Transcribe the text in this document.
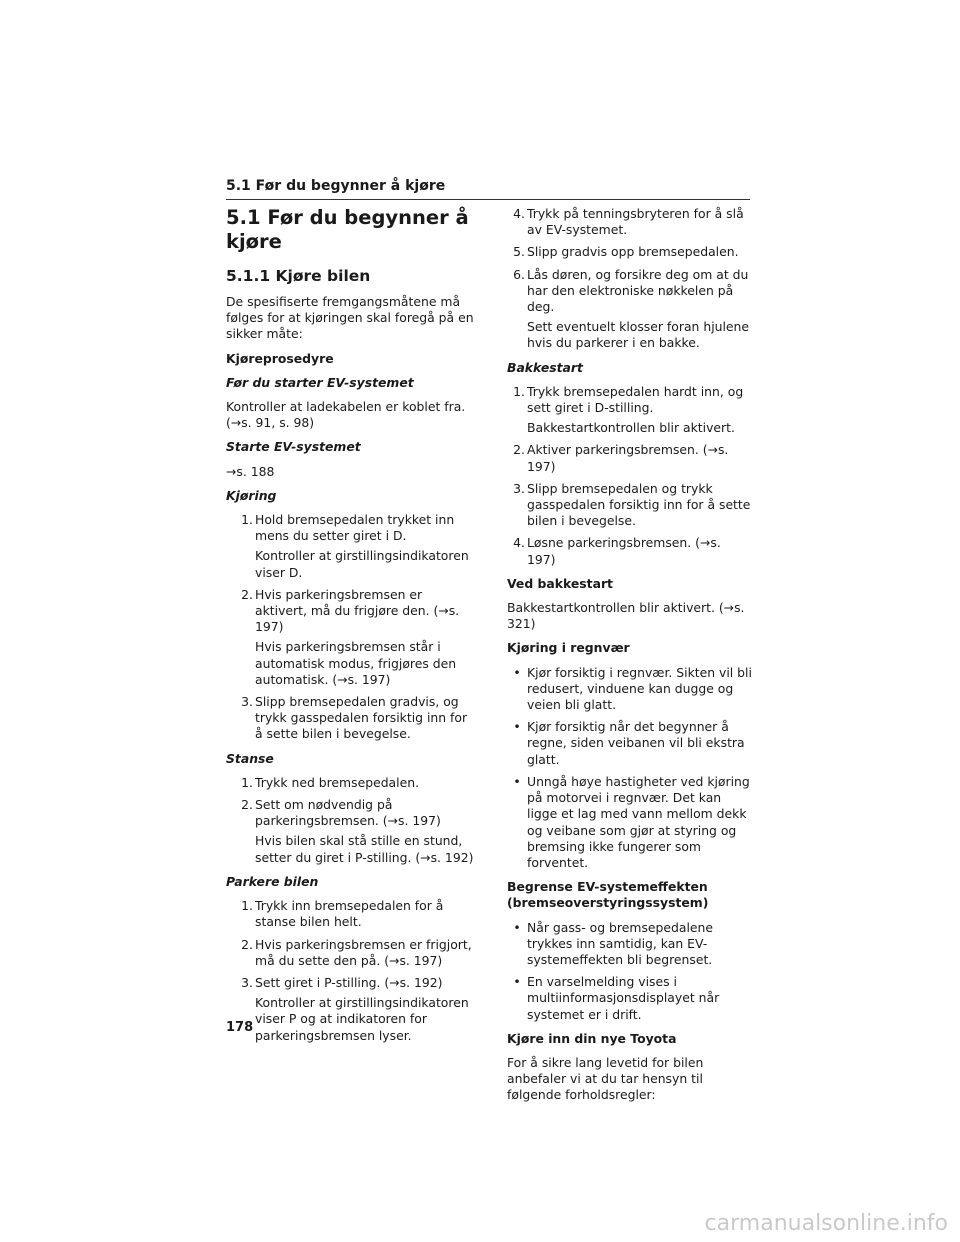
5.1 Før du begynner å kjøre
5.1 Før du begynner å kjøre
5.1.1 Kjøre bilen

De spesifiserte fremgangsmåtene må følges for at kjøringen skal foregå på en sikker måte:

Kjøreprosedyre

Før du starter EV-systemet

Kontroller at ladekabelen er koblet fra. (→s. 91, s. 98)

Starte EV-systemet

→s. 188

Kjøring

1. Hold bremsepedalen trykket inn mens du setter giret i D.
Kontroller at girstillingsindikatoren viser D.
2. Hvis parkeringsbremsen er aktivert, må du frigjøre den. (→s. 197)
Hvis parkeringsbremsen står i automatisk modus, frigjøres den automatisk. (→s. 197)
3. Slipp bremsepedalen gradvis, og trykk gasspedalen forsiktig inn for å sette bilen i bevegelse.

Stanse

1. Trykk ned bremsepedalen.
2. Sett om nødvendig på parkeringsbremsen. (→s. 197)
Hvis bilen skal stå stille en stund, setter du giret i P-stilling. (→s. 192)

Parkere bilen

1. Trykk inn bremsepedalen for å stanse bilen helt.
2. Hvis parkeringsbremsen er frigjort, må du sette den på. (→s. 197)
3. Sett giret i P-stilling. (→s. 192)
Kontroller at girstillingsindikatoren viser P og at indikatoren for parkeringsbremsen lyser.
4. Trykk på tenningsbryteren for å slå av EV-systemet.
5. Slipp gradvis opp bremsepedalen.
6. Lås døren, og forsikre deg om at du har den elektroniske nøkkelen på deg.
Sett eventuelt klosser foran hjulene hvis du parkerer i en bakke.

Bakkestart

1. Trykk bremsepedalen hardt inn, og sett giret i D-stilling.
Bakkestartkontrollen blir aktivert.
2. Aktiver parkeringsbremsen. (→s. 197)
3. Slipp bremsepedalen og trykk gasspedalen forsiktig inn for å sette bilen i bevegelse.
4. Løsne parkeringsbremsen. (→s. 197)

Ved bakkestart

Bakkestartkontrollen blir aktivert. (→s. 321)

Kjøring i regnvær

• Kjør forsiktig i regnvær. Sikten vil bli redusert, vinduene kan dugge og veien bli glatt.
• Kjør forsiktig når det begynner å regne, siden veibanen vil bli ekstra glatt.
• Unngå høye hastigheter ved kjøring på motorvei i regnvær. Det kan ligge et lag med vann mellom dekk og veibane som gjør at styring og bremsing ikke fungerer som forventet.

Begrense EV-systemeffekten (bremseoverstyringssystem)

• Når gass- og bremsepedalene trykkes inn samtidig, kan EV-systemeffekten bli begrenset.
• En varselmelding vises i multiinformasjonsdisplayet når systemet er i drift.

Kjøre inn din nye Toyota

For å sikre lang levetid for bilen anbefaler vi at du tar hensyn til følgende forholdsregler:

178
carmanualsonline.info
